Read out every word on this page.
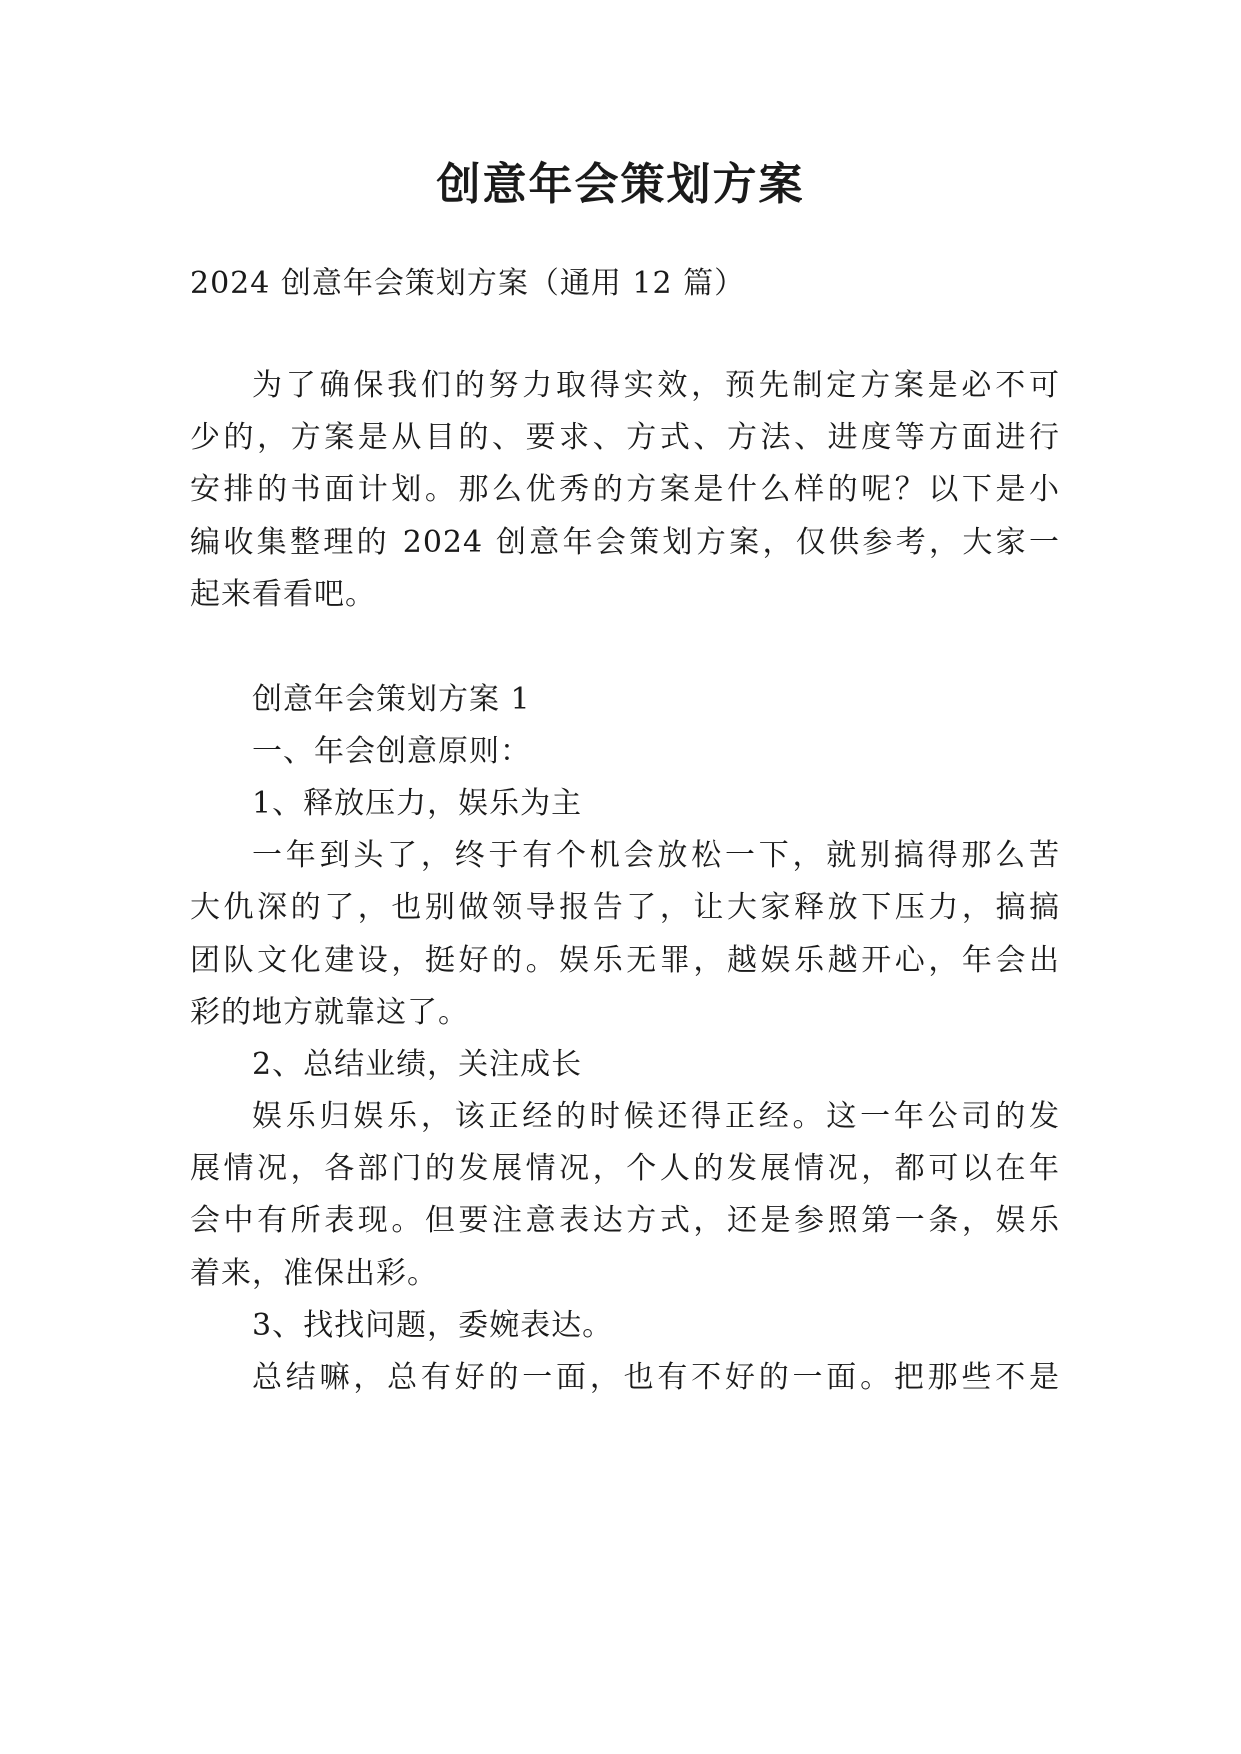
创意年会策划方案

2024 创意年会策划方案（通用 12 篇）

为了确保我们的努力取得实效，预先制定方案是必不可

少的，方案是从目的、要求、方式、方法、进度等方面进行

安排的书面计划。那么优秀的方案是什么样的呢？以下是小

编收集整理的 2024 创意年会策划方案，仅供参考，大家一

起来看看吧。

创意年会策划方案 1

一、年会创意原则：

1、释放压力，娱乐为主

一年到头了，终于有个机会放松一下，就别搞得那么苦

大仇深的了，也别做领导报告了，让大家释放下压力，搞搞

团队文化建设，挺好的。娱乐无罪，越娱乐越开心，年会出

彩的地方就靠这了。

2、总结业绩，关注成长

娱乐归娱乐，该正经的时候还得正经。这一年公司的发

展情况，各部门的发展情况，个人的发展情况，都可以在年

会中有所表现。但要注意表达方式，还是参照第一条，娱乐

着来，准保出彩。

3、找找问题，委婉表达。

总结嘛，总有好的一面，也有不好的一面。把那些不是
